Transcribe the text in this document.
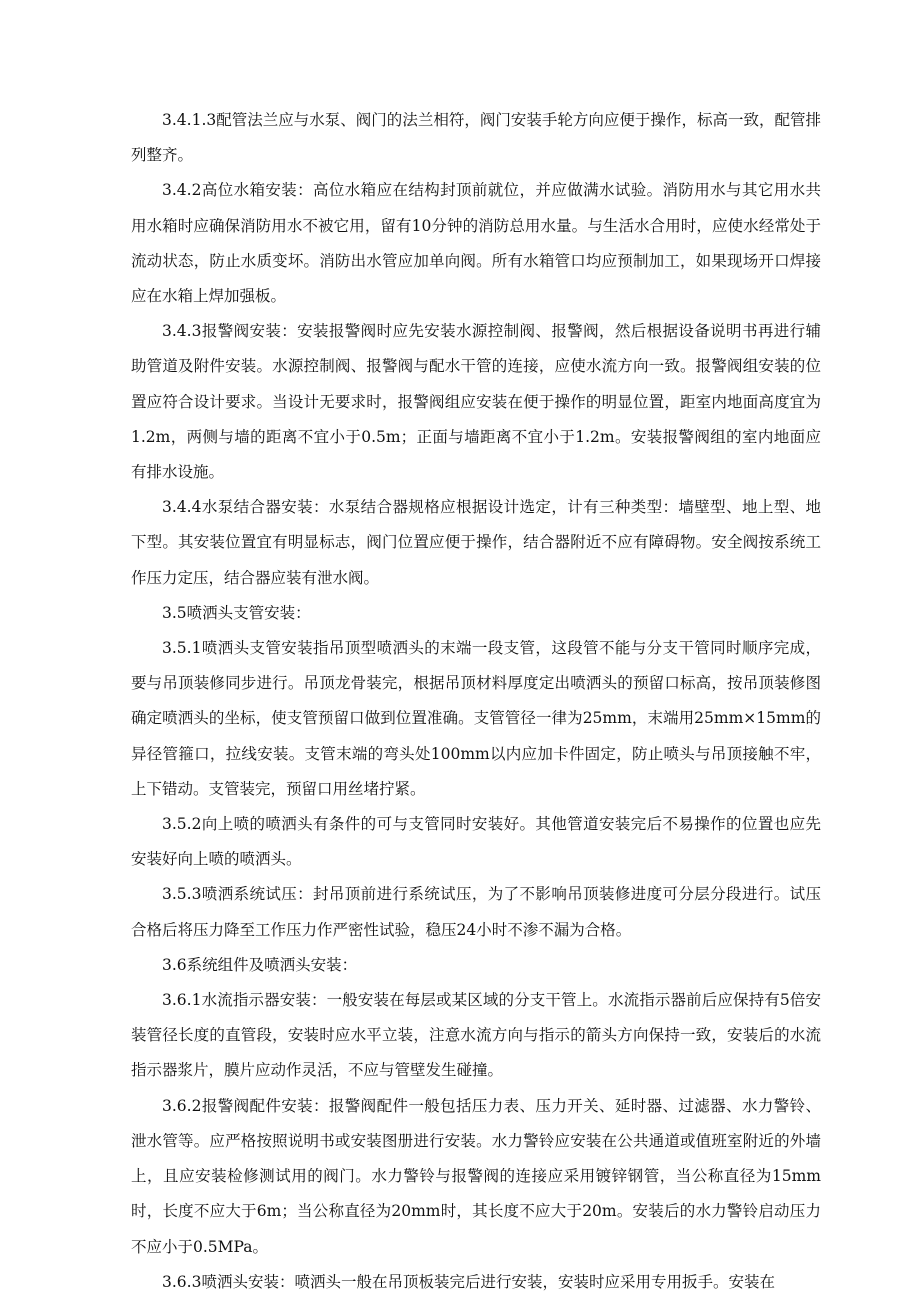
3.4.1.3配管法兰应与水泵、阀门的法兰相符，阀门安装手轮方向应便于操作，标高一致，配管排列整齐。

3.4.2高位水箱安装：高位水箱应在结构封顶前就位，并应做满水试验。消防用水与其它用水共用水箱时应确保消防用水不被它用，留有10分钟的消防总用水量。与生活水合用时，应使水经常处于流动状态，防止水质变坏。消防出水管应加单向阀。所有水箱管口均应预制加工，如果现场开口焊接应在水箱上焊加强板。

3.4.3报警阀安装：安装报警阀时应先安装水源控制阀、报警阀，然后根据设备说明书再进行辅助管道及附件安装。水源控制阀、报警阀与配水干管的连接，应使水流方向一致。报警阀组安装的位置应符合设计要求。当设计无要求时，报警阀组应安装在便于操作的明显位置，距室内地面高度宜为1.2m，两侧与墙的距离不宜小于0.5m；正面与墙距离不宜小于1.2m。安装报警阀组的室内地面应有排水设施。

3.4.4水泵结合器安装：水泵结合器规格应根据设计选定，计有三种类型：墙壁型、地上型、地下型。其安装位置宜有明显标志，阀门位置应便于操作，结合器附近不应有障碍物。安全阀按系统工作压力定压，结合器应装有泄水阀。

3.5喷洒头支管安装：

3.5.1喷洒头支管安装指吊顶型喷洒头的末端一段支管，这段管不能与分支干管同时顺序完成，要与吊顶装修同步进行。吊顶龙骨装完，根据吊顶材料厚度定出喷洒头的预留口标高，按吊顶装修图确定喷洒头的坐标，使支管预留口做到位置准确。支管管径一律为25mm，末端用25mm×15mm的异径管箍口，拉线安装。支管末端的弯头处100mm以内应加卡件固定，防止喷头与吊顶接触不牢，上下错动。支管装完，预留口用丝堵拧紧。

3.5.2向上喷的喷洒头有条件的可与支管同时安装好。其他管道安装完后不易操作的位置也应先安装好向上喷的喷洒头。

3.5.3喷洒系统试压：封吊顶前进行系统试压，为了不影响吊顶装修进度可分层分段进行。试压合格后将压力降至工作压力作严密性试验，稳压24小时不渗不漏为合格。

3.6系统组件及喷洒头安装：

3.6.1水流指示器安装：一般安装在每层或某区域的分支干管上。水流指示器前后应保持有5倍安装管径长度的直管段，安装时应水平立装，注意水流方向与指示的箭头方向保持一致，安装后的水流指示器浆片，膜片应动作灵活，不应与管壁发生碰撞。

3.6.2报警阀配件安装：报警阀配件一般包括压力表、压力开关、延时器、过滤器、水力警铃、泄水管等。应严格按照说明书或安装图册进行安装。水力警铃应安装在公共通道或值班室附近的外墙上，且应安装检修测试用的阀门。水力警铃与报警阀的连接应采用镀锌钢管，当公称直径为15mm时，长度不应大于6m；当公称直径为20mm时，其长度不应大于20m。安装后的水力警铃启动压力不应小于0.5MPa。

3.6.3喷洒头安装：喷洒头一般在吊顶板装完后进行安装，安装时应采用专用扳手。安装在
